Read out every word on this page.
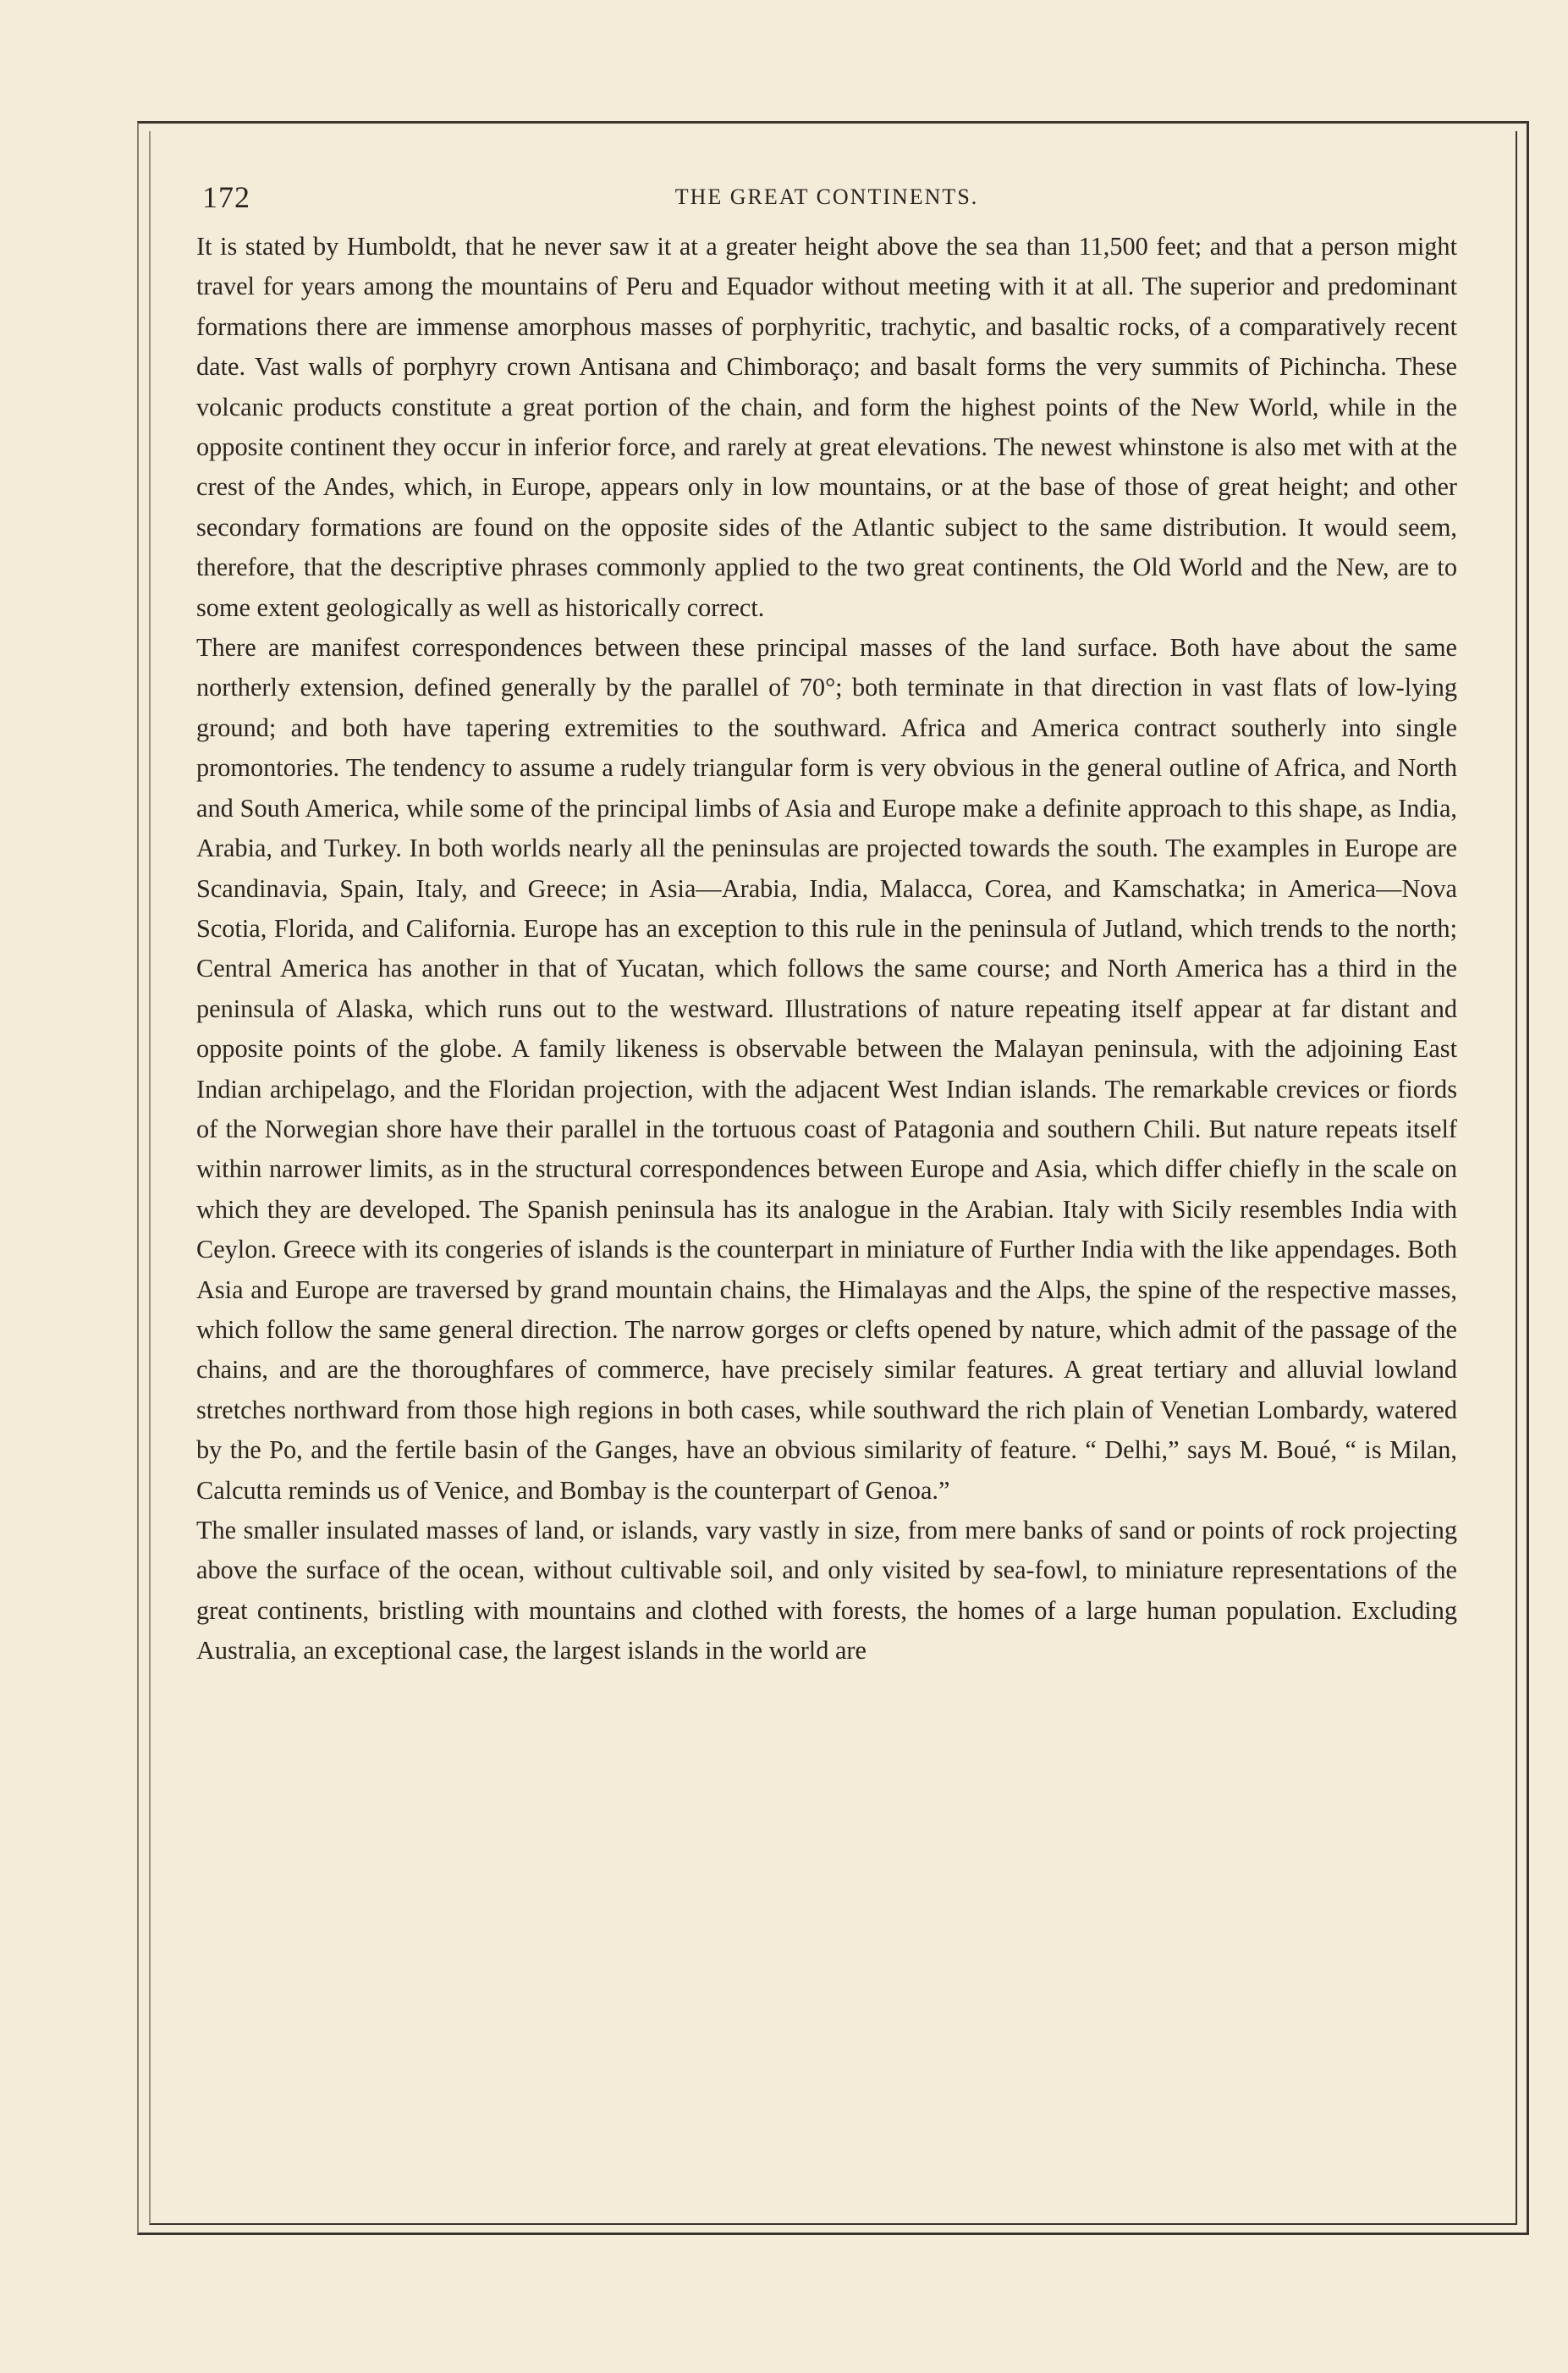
172	THE GREAT CONTINENTS.

It is stated by Humboldt, that he never saw it at a greater height above the sea than 11,500 feet; and that a person might travel for years among the mountains of Peru and Equador without meeting with it at all. The superior and predominant formations there are immense amorphous masses of porphyritic, trachytic, and basaltic rocks, of a comparatively recent date. Vast walls of porphyry crown Antisana and Chimboraço; and basalt forms the very summits of Pichincha. These volcanic products constitute a great portion of the chain, and form the highest points of the New World, while in the opposite continent they occur in inferior force, and rarely at great elevations. The newest whinstone is also met with at the crest of the Andes, which, in Europe, appears only in low mountains, or at the base of those of great height; and other secondary formations are found on the opposite sides of the Atlantic subject to the same distribution. It would seem, therefore, that the descriptive phrases commonly applied to the two great continents, the Old World and the New, are to some extent geologically as well as historically correct.

There are manifest correspondences between these principal masses of the land surface. Both have about the same northerly extension, defined generally by the parallel of 70°; both terminate in that direction in vast flats of low-lying ground; and both have tapering extremities to the southward. Africa and America contract southerly into single promontories. The tendency to assume a rudely triangular form is very obvious in the general outline of Africa, and North and South America, while some of the principal limbs of Asia and Europe make a definite approach to this shape, as India, Arabia, and Turkey. In both worlds nearly all the peninsulas are projected towards the south. The examples in Europe are Scandinavia, Spain, Italy, and Greece; in Asia—Arabia, India, Malacca, Corea, and Kamschatka; in America—Nova Scotia, Florida, and California. Europe has an exception to this rule in the peninsula of Jutland, which trends to the north; Central America has another in that of Yucatan, which follows the same course; and North America has a third in the peninsula of Alaska, which runs out to the westward. Illustrations of nature repeating itself appear at far distant and opposite points of the globe. A family likeness is observable between the Malayan peninsula, with the adjoining East Indian archipelago, and the Floridan projection, with the adjacent West Indian islands. The remarkable crevices or fiords of the Norwegian shore have their parallel in the tortuous coast of Patagonia and southern Chili. But nature repeats itself within narrower limits, as in the structural correspondences between Europe and Asia, which differ chiefly in the scale on which they are developed. The Spanish peninsula has its analogue in the Arabian. Italy with Sicily resembles India with Ceylon. Greece with its congeries of islands is the counterpart in miniature of Further India with the like appendages. Both Asia and Europe are traversed by grand mountain chains, the Himalayas and the Alps, the spine of the respective masses, which follow the same general direction. The narrow gorges or clefts opened by nature, which admit of the passage of the chains, and are the thoroughfares of commerce, have precisely similar features. A great tertiary and alluvial lowland stretches northward from those high regions in both cases, while southward the rich plain of Venetian Lombardy, watered by the Po, and the fertile basin of the Ganges, have an obvious similarity of feature. “ Delhi,” says M. Boué, “ is Milan, Calcutta reminds us of Venice, and Bombay is the counterpart of Genoa.”

The smaller insulated masses of land, or islands, vary vastly in size, from mere banks of sand or points of rock projecting above the surface of the ocean, without cultivable soil, and only visited by sea-fowl, to miniature representations of the great continents, bristling with mountains and clothed with forests, the homes of a large human population. Excluding Australia, an exceptional case, the largest islands in the world are
